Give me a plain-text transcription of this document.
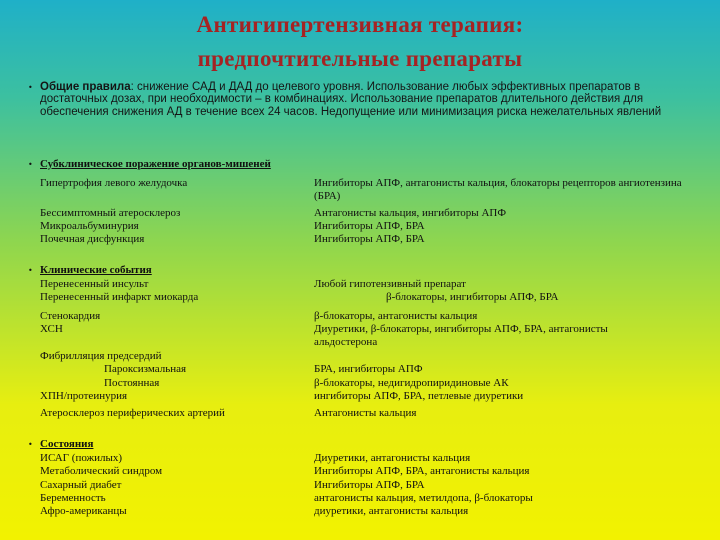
Антигипертензивная терапия:
предпочтительные препараты
• Общие правила: снижение САД и ДАД до целевого уровня. Использование любых эффективных препаратов в достаточных дозах, при необходимости – в комбинациях. Использование препаратов длительного действия для обеспечения снижения АД в течение всех 24 часов. Недопущение или минимизация риска нежелательных явлений
• Субклиническое поражение органов-мишеней
Гипертрофия левого желудочка	Ингибиторы АПФ, антагонисты кальция, блокаторы рецепторов ангиотензина (БРА)
Бессимптомный атеросклероз	Антагонисты кальция, ингибиторы АПФ
Микроальбуминурия	Ингибиторы АПФ, БРА
Почечная дисфункция	Ингибиторы АПФ, БРА
• Клинические события
Перенесенный инсульт	Любой гипотензивный препарат
Перенесенный инфаркт миокарда	β-блокаторы, ингибиторы АПФ, БРА
Стенокардия	β-блокаторы, антагонисты кальция
ХСН	Диуретики, β-блокаторы, ингибиторы АПФ, БРА, антагонисты альдостерона
Фибрилляция предсердий
Пароксизмальная	БРА, ингибиторы АПФ
Постоянная	β-блокаторы, недигидропиридиновые АК
ХПН/протеинурия	ингибиторы АПФ, БРА, петлевые диуретики
Атеросклероз периферических артерий	Антагонисты кальция
• Состояния
ИСАГ (пожилых)	Диуретики, антагонисты кальция
Метаболический синдром	Ингибиторы АПФ, БРА, антагонисты кальция
Сахарный диабет	Ингибиторы АПФ, БРА
Беременность	антагонисты кальция, метилдопа, β-блокаторы
Афро-американцы	диуретики, антагонисты кальция
